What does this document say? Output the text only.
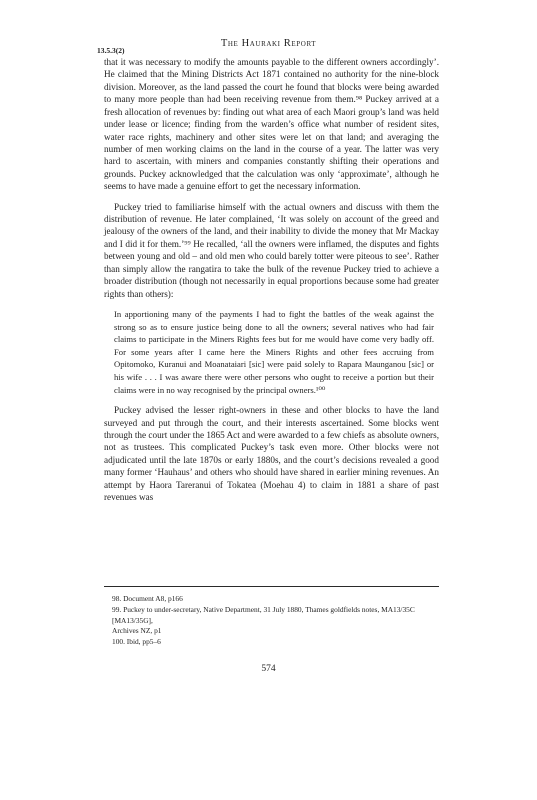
The Hauraki Report
13.5.3(2)

that it was necessary to modify the amounts payable to the different owners accordingly’. He claimed that the Mining Districts Act 1871 contained no authority for the nine-block division. Moreover, as the land passed the court he found that blocks were being awarded to many more people than had been receiving revenue from them.⁹⁸ Puckey arrived at a fresh allocation of revenues by: finding out what area of each Maori group’s land was held under lease or licence; finding from the warden’s office what number of resident sites, water race rights, machinery and other sites were let on that land; and averaging the number of men working claims on the land in the course of a year. The latter was very hard to ascertain, with miners and companies constantly shifting their operations and grounds. Puckey acknowledged that the calculation was only ‘approximate’, although he seems to have made a genuine effort to get the necessary information.

Puckey tried to familiarise himself with the actual owners and discuss with them the distribution of revenue. He later complained, ‘It was solely on account of the greed and jealousy of the owners of the land, and their inability to divide the money that Mr Mackay and I did it for them.’⁹⁹ He recalled, ‘all the owners were inflamed, the disputes and fights between young and old – and old men who could barely totter were piteous to see’. Rather than simply allow the rangatira to take the bulk of the revenue Puckey tried to achieve a broader distribution (though not necessarily in equal proportions because some had greater rights than others):

In apportioning many of the payments I had to fight the battles of the weak against the strong so as to ensure justice being done to all the owners; several natives who had fair claims to participate in the Miners Rights fees but for me would have come very badly off. For some years after I came here the Miners Rights and other fees accruing from Opitomoko, Kuranui and Moanataiari [sic] were paid solely to Rapara Maunganou [sic] or his wife . . . I was aware there were other persons who ought to receive a portion but their claims were in no way recognised by the principal owners.¹⁰⁰

Puckey advised the lesser right-owners in these and other blocks to have the land surveyed and put through the court, and their interests ascertained. Some blocks went through the court under the 1865 Act and were awarded to a few chiefs as absolute owners, not as trustees. This complicated Puckey’s task even more. Other blocks were not adjudicated until the late 1870s or early 1880s, and the court’s decisions revealed a good many former ‘Hauhaus’ and others who should have shared in earlier mining revenues. An attempt by Haora Tareranui of Tokatea (Moehau 4) to claim in 1881 a share of past revenues was

98. Document A8, p166

99. Puckey to under-secretary, Native Department, 31 July 1880, Thames goldfields notes, MA13/35C [MA13/35G],

Archives NZ, p1

100. Ibid, pp5–6

574
